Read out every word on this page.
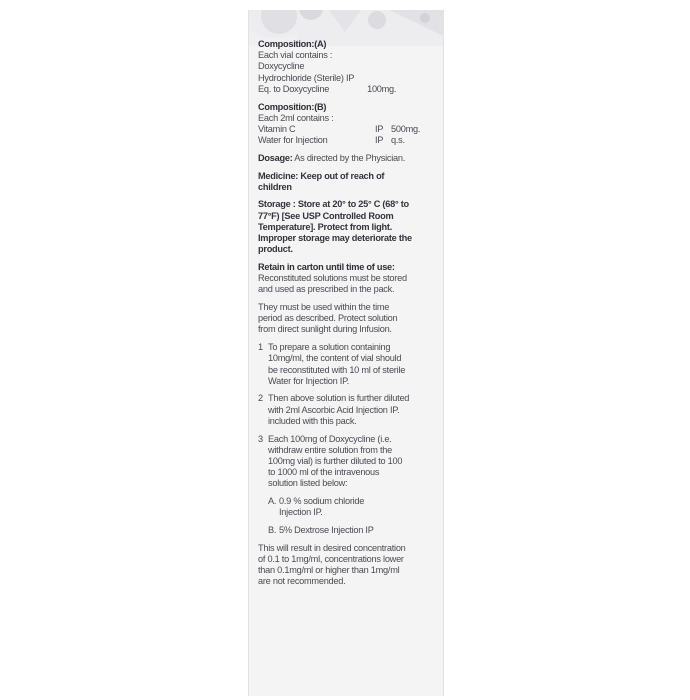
Composition:(A)
Each vial contains :
Doxycycline
Hydrochloride (Sterile) IP
Eq. to Doxycycline	100mg.
Composition:(B)
Each 2ml contains :
Vitamin C	IP 500mg.
Water for Injection	IP q.s.
Dosage: As directed by the Physician.
Medicine: Keep out of reach of
children
Storage : Store at 20° to 25° C (68° to
77°F) [See USP Controlled Room
Temperature]. Protect from light.
Improper storage may deteriorate the
product.
Retain in carton until time of use:
Reconstituted solutions must be stored
and used as prescribed in the pack.
They must be used within the time
period as described. Protect solution
from direct sunlight during Infusion.
1 To prepare a solution containing
10mg/ml, the content of vial should
be reconstituted with 10 ml of sterile
Water for Injection IP.
2 Then above solution is further diluted
with 2ml Ascorbic Acid Injection IP.
included with this pack.
3 Each 100mg of Doxycycline (i.e.
withdraw entire solution from the
100mg vial) is further diluted to 100
to 1000 ml of the intravenous
solution listed below:
A. 0.9 % sodium chloride
Injection IP.
B. 5% Dextrose Injection IP
This will result in desired concentration
of 0.1 to 1mg/ml, concentrations lower
than 0.1mg/ml or higher than 1mg/ml
are not recommended.
